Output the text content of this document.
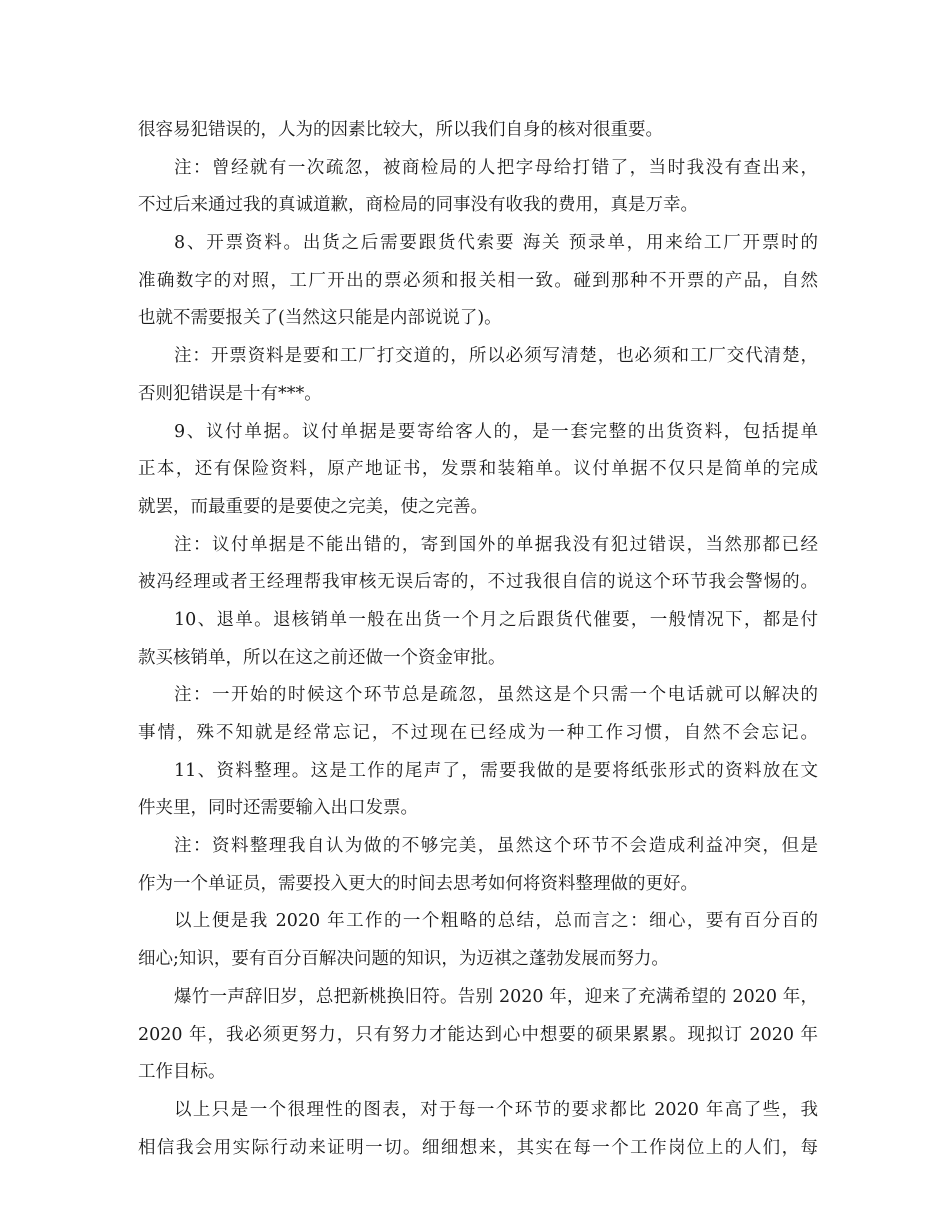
很容易犯错误的，人为的因素比较大，所以我们自身的核对很重要。
注：曾经就有一次疏忽，被商检局的人把字母给打错了，当时我没有查出来，
不过后来通过我的真诚道歉，商检局的同事没有收我的费用，真是万幸。
8、开票资料。出货之后需要跟货代索要 海关 预录单，用来给工厂开票时的
准确数字的对照，工厂开出的票必须和报关相一致。碰到那种不开票的产品，自然
也就不需要报关了(当然这只能是内部说说了)。
注：开票资料是要和工厂打交道的，所以必须写清楚，也必须和工厂交代清楚，
否则犯错误是十有***。
9、议付单据。议付单据是要寄给客人的，是一套完整的出货资料，包括提单
正本，还有保险资料，原产地证书，发票和装箱单。议付单据不仅只是简单的完成
就罢，而最重要的是要使之完美，使之完善。
注：议付单据是不能出错的，寄到国外的单据我没有犯过错误，当然那都已经
被冯经理或者王经理帮我审核无误后寄的，不过我很自信的说这个环节我会警惕的。
10、退单。退核销单一般在出货一个月之后跟货代催要，一般情况下，都是付
款买核销单，所以在这之前还做一个资金审批。
注：一开始的时候这个环节总是疏忽，虽然这是个只需一个电话就可以解决的
事情，殊不知就是经常忘记，不过现在已经成为一种工作习惯，自然不会忘记。
11、资料整理。这是工作的尾声了，需要我做的是要将纸张形式的资料放在文
件夹里，同时还需要输入出口发票。
注：资料整理我自认为做的不够完美，虽然这个环节不会造成利益冲突，但是
作为一个单证员，需要投入更大的时间去思考如何将资料整理做的更好。
以上便是我 2020 年工作的一个粗略的总结，总而言之：细心，要有百分百的
细心;知识，要有百分百解决问题的知识，为迈祺之蓬勃发展而努力。
爆竹一声辞旧岁，总把新桃换旧符。告别 2020 年，迎来了充满希望的 2020 年，
2020 年，我必须更努力，只有努力才能达到心中想要的硕果累累。现拟订 2020 年
工作目标。
以上只是一个很理性的图表，对于每一个环节的要求都比 2020 年高了些，我
相信我会用实际行动来证明一切。细细想来，其实在每一个工作岗位上的人们，每
